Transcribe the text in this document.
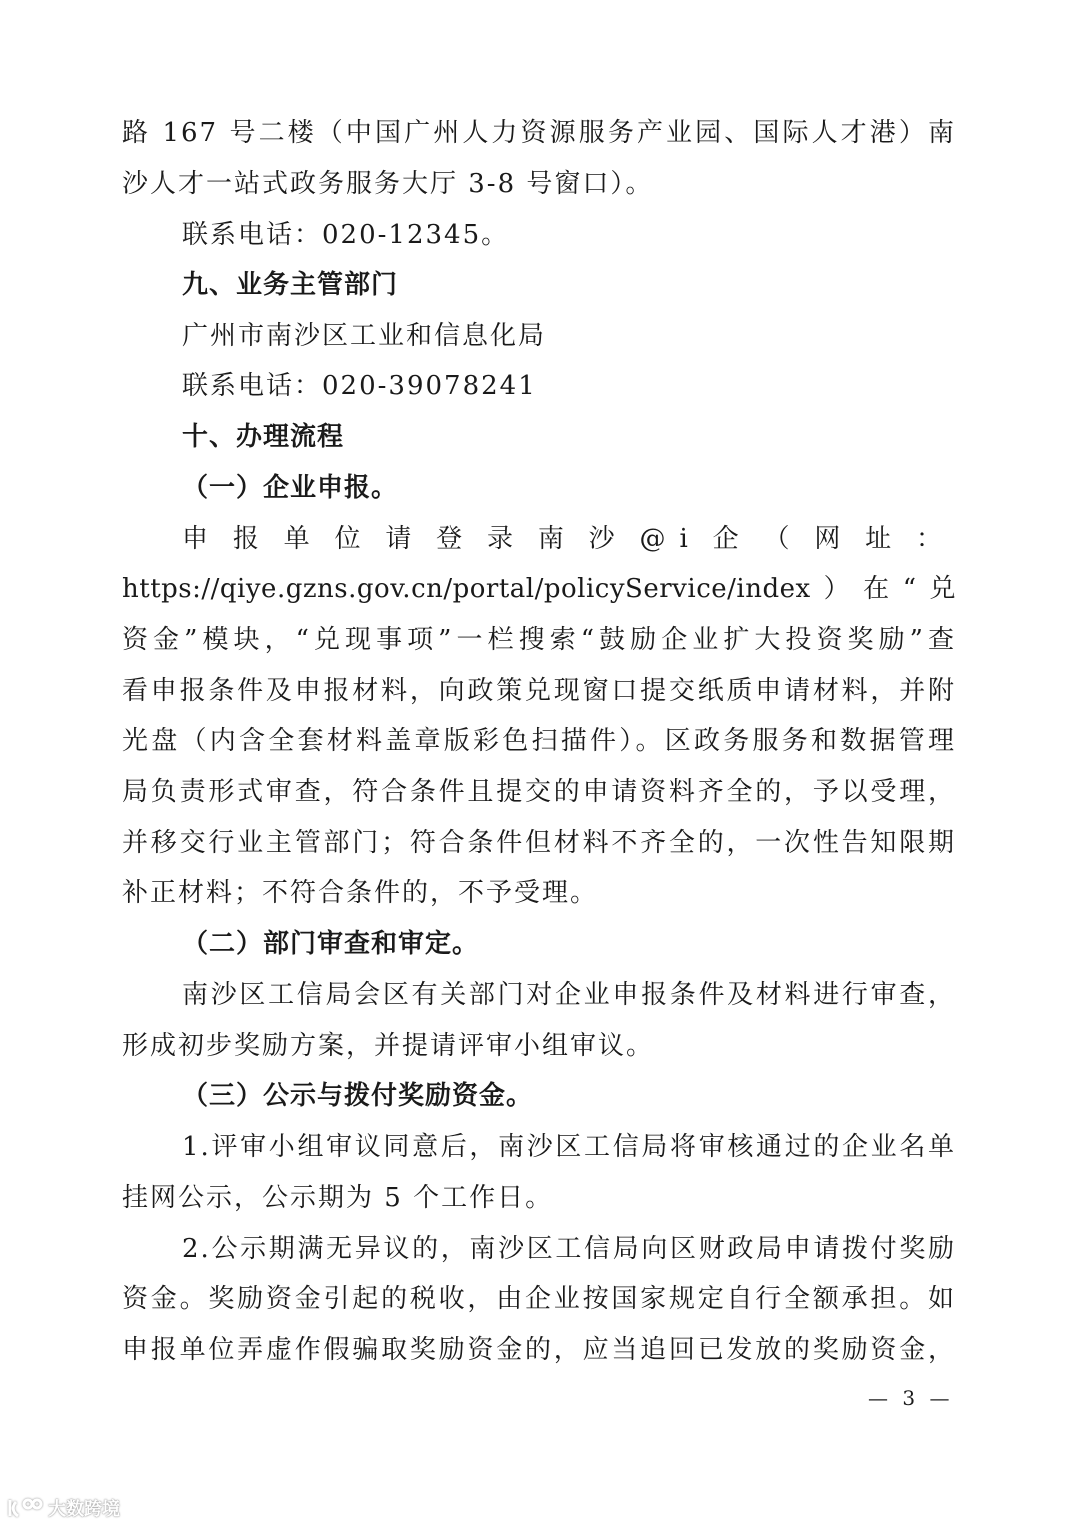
路 167 号二楼（中国广州人力资源服务产业园、国际人才港）南
沙人才一站式政务服务大厅 3-8 号窗口）。
联系电话：020-12345。
九、业务主管部门
广州市南沙区工业和信息化局
联系电话：020-39078241
十、办理流程
（一）企业申报。
申报单位请登录南沙@i企（网址：
https://qiye.gzns.gov.cn/portal/policyService/index）在“兑
资金”模块，“兑现事项”一栏搜索“鼓励企业扩大投资奖励”查
看申报条件及申报材料，向政策兑现窗口提交纸质申请材料，并附
光盘（内含全套材料盖章版彩色扫描件）。区政务服务和数据管理
局负责形式审查，符合条件且提交的申请资料齐全的，予以受理，
并移交行业主管部门；符合条件但材料不齐全的，一次性告知限期
补正材料；不符合条件的，不予受理。
（二）部门审查和审定。
南沙区工信局会区有关部门对企业申报条件及材料进行审查，
形成初步奖励方案，并提请评审小组审议。
（三）公示与拨付奖励资金。
1.评审小组审议同意后，南沙区工信局将审核通过的企业名单
挂网公示，公示期为 5 个工作日。
2.公示期满无异议的，南沙区工信局向区财政局申请拨付奖励
资金。奖励资金引起的税收，由企业按国家规定自行全额承担。如
申报单位弄虚作假骗取奖励资金的，应当追回已发放的奖励资金，
— 3 —
大数跨境
